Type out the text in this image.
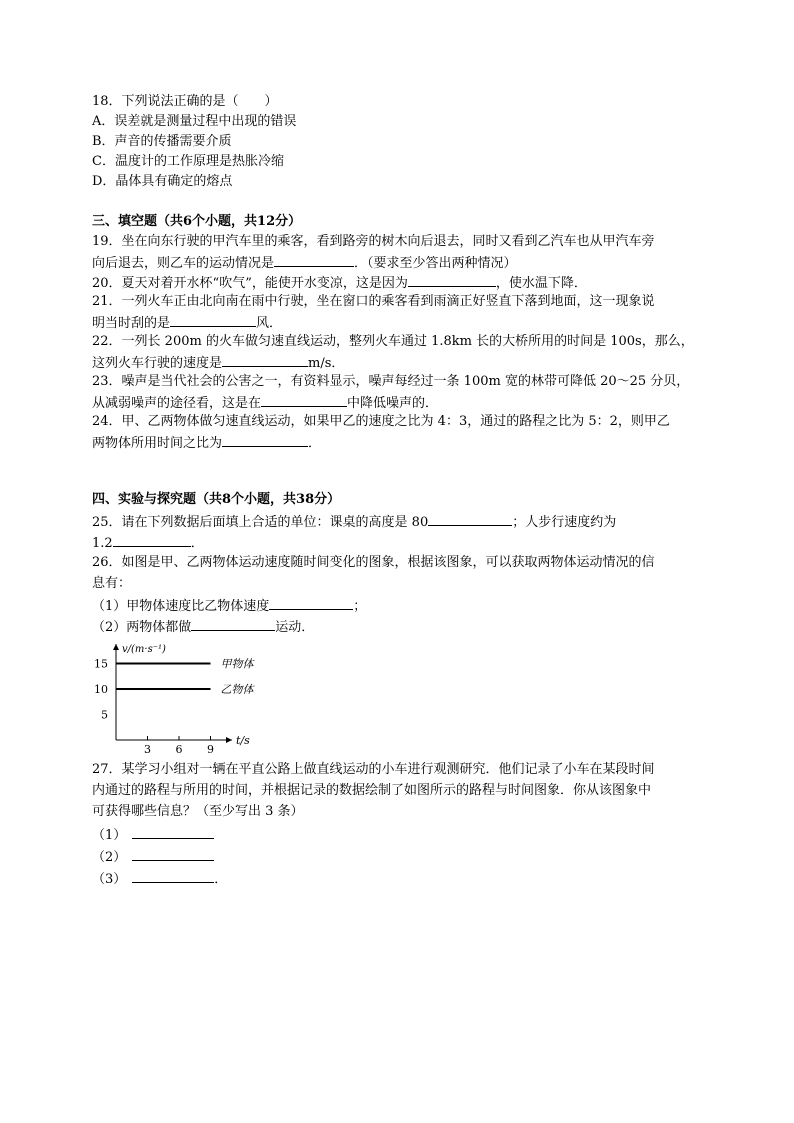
18．下列说法正确的是（　　）
A．误差就是测量过程中出现的错误
B．声音的传播需要介质
C．温度计的工作原理是热胀冷缩
D．晶体具有确定的熔点
三、填空题（共6个小题，共12分）
19．坐在向东行驶的甲汽车里的乘客，看到路旁的树木向后退去，同时又看到乙汽车也从甲汽车旁
向后退去，则乙车的运动情况是	．（要求至少答出两种情况）
20．夏天对着开水杯“吹气”，能使开水变凉，这是因为	，使水温下降．
21．一列火车正由北向南在雨中行驶，坐在窗口的乘客看到雨滴正好竖直下落到地面，这一现象说
明当时刮的是	风．
22．一列长 200m 的火车做匀速直线运动，整列火车通过 1.8km 长的大桥所用的时间是 100s，那么，
这列火车行驶的速度是	m/s．
23．噪声是当代社会的公害之一，有资料显示，噪声每经过一条 100m 宽的林带可降低 20～25 分贝，
从减弱噪声的途径看，这是在	中降低噪声的．
24．甲、乙两物体做匀速直线运动，如果甲乙的速度之比为 4：3，通过的路程之比为 5：2，则甲乙
两物体所用时间之比为	．
四、实验与探究题（共8个小题，共38分）
25．请在下列数据后面填上合适的单位：课桌的高度是 80	；人步行速度约为
1.2	．
26．如图是甲、乙两物体运动速度随时间变化的图象，根据该图象，可以获取两物体运动情况的信
息有：
（1）甲物体速度比乙物体速度	；
（2）两物体都做	运动．
v/(m·s⁻¹)
t/s
3 6 9
15
10
5
甲物体
乙物体
27．某学习小组对一辆在平直公路上做直线运动的小车进行观测研究．他们记录了小车在某段时间
内通过的路程与所用的时间，并根据记录的数据绘制了如图所示的路程与时间图象．你从该图象中
可获得哪些信息？（至少写出 3 条）
（1）
（2）
（3）	．
